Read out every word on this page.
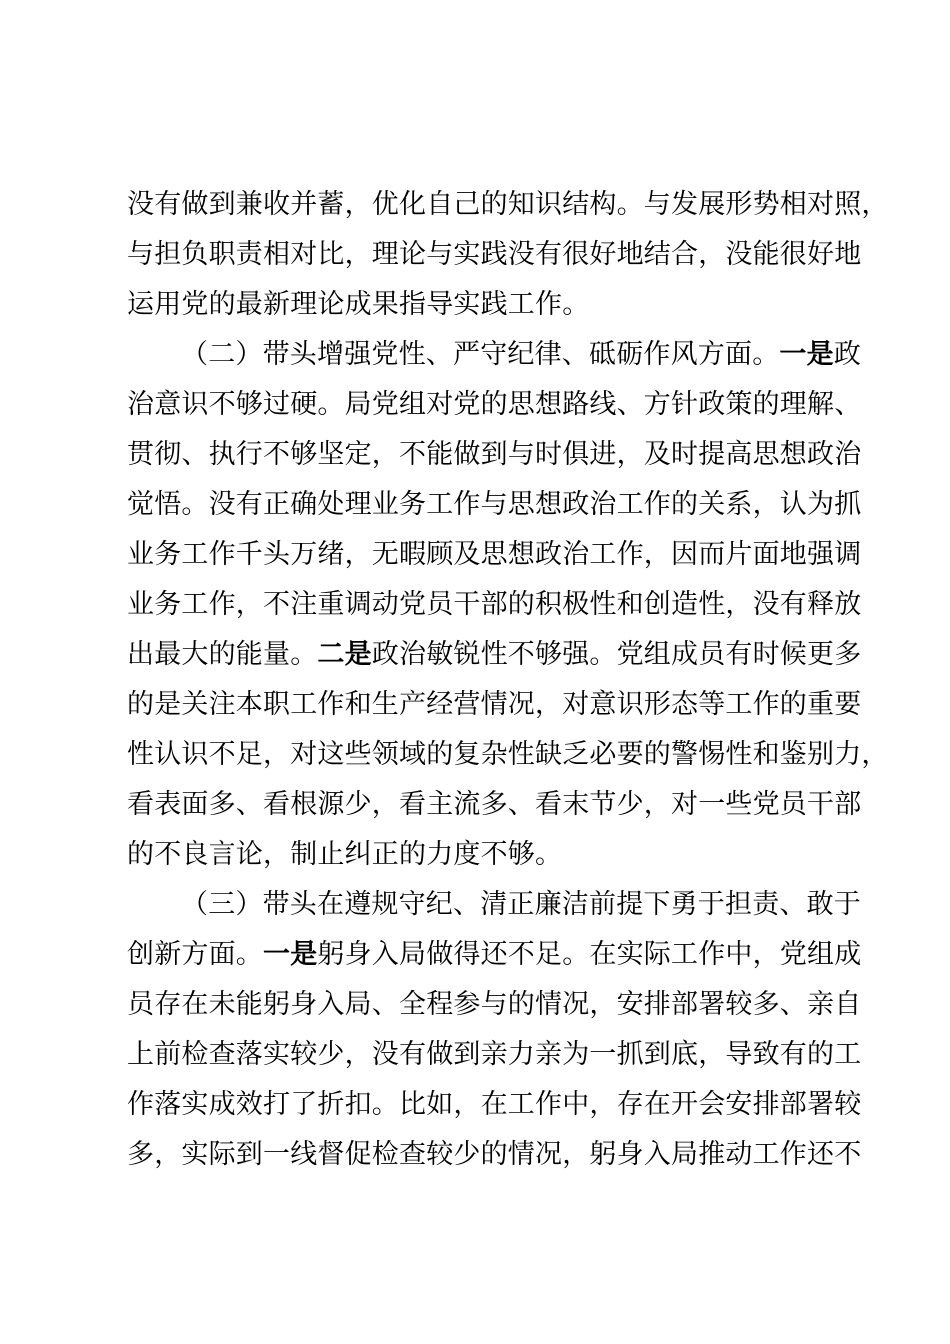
没有做到兼收并蓄，优化自己的知识结构。与发展形势相对照，
与担负职责相对比，理论与实践没有很好地结合，没能很好地
运用党的最新理论成果指导实践工作。
（二）带头增强党性、严守纪律、砥砺作风方面。一是政
治意识不够过硬。局党组对党的思想路线、方针政策的理解、
贯彻、执行不够坚定，不能做到与时俱进，及时提高思想政治
觉悟。没有正确处理业务工作与思想政治工作的关系，认为抓
业务工作千头万绪，无暇顾及思想政治工作，因而片面地强调
业务工作，不注重调动党员干部的积极性和创造性，没有释放
出最大的能量。二是政治敏锐性不够强。党组成员有时候更多
的是关注本职工作和生产经营情况，对意识形态等工作的重要
性认识不足，对这些领域的复杂性缺乏必要的警惕性和鉴别力，
看表面多、看根源少，看主流多、看末节少，对一些党员干部
的不良言论，制止纠正的力度不够。
（三）带头在遵规守纪、清正廉洁前提下勇于担责、敢于
创新方面。一是躬身入局做得还不足。在实际工作中，党组成
员存在未能躬身入局、全程参与的情况，安排部署较多、亲自
上前检查落实较少，没有做到亲力亲为一抓到底，导致有的工
作落实成效打了折扣。比如，在工作中，存在开会安排部署较
多，实际到一线督促检查较少的情况，躬身入局推动工作还不
